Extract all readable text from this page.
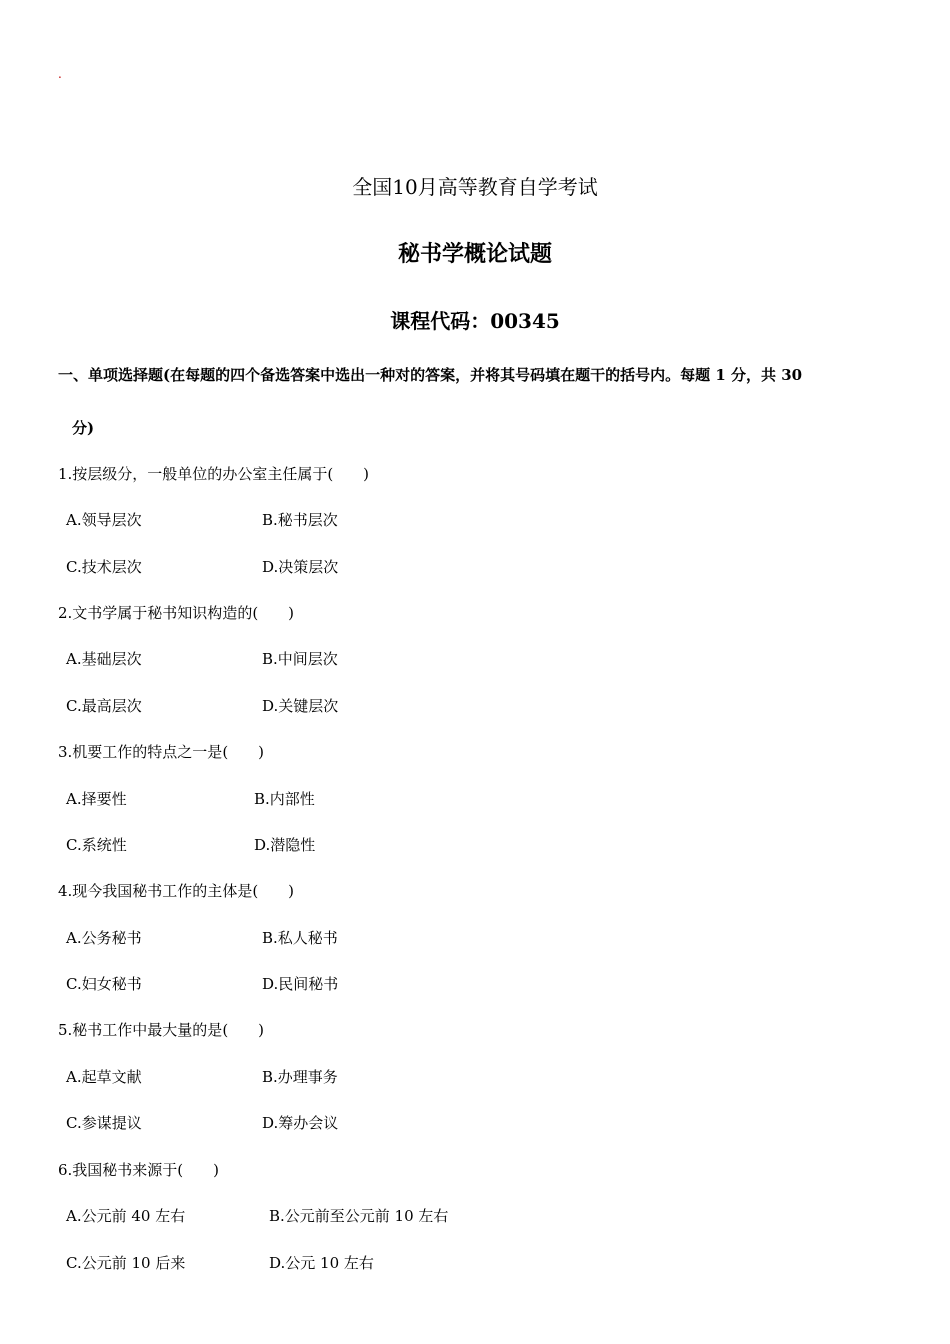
.
全国10月高等教育自学考试
秘书学概论试题
课程代码：00345
一、单项选择题(在每题的四个备选答案中选出一种对的答案，并将其号码填在题干的括号内。每题 1 分，共 30
分)
1.按层级分，一般单位的办公室主任属于(　　)
A.领导层次	B.秘书层次
C.技术层次	D.决策层次
2.文书学属于秘书知识构造的(　　)
A.基础层次	B.中间层次
C.最高层次	D.关键层次
3.机要工作的特点之一是(　　)
A.择要性	B.内部性
C.系统性	D.潜隐性
4.现今我国秘书工作的主体是(　　)
A.公务秘书	B.私人秘书
C.妇女秘书	D.民间秘书
5.秘书工作中最大量的是(　　)
A.起草文献	B.办理事务
C.参谋提议	D.筹办会议
6.我国秘书来源于(　　)
A.公元前 40 左右	B.公元前至公元前 10 左右
C.公元前 10 后来	D.公元 10 左右
